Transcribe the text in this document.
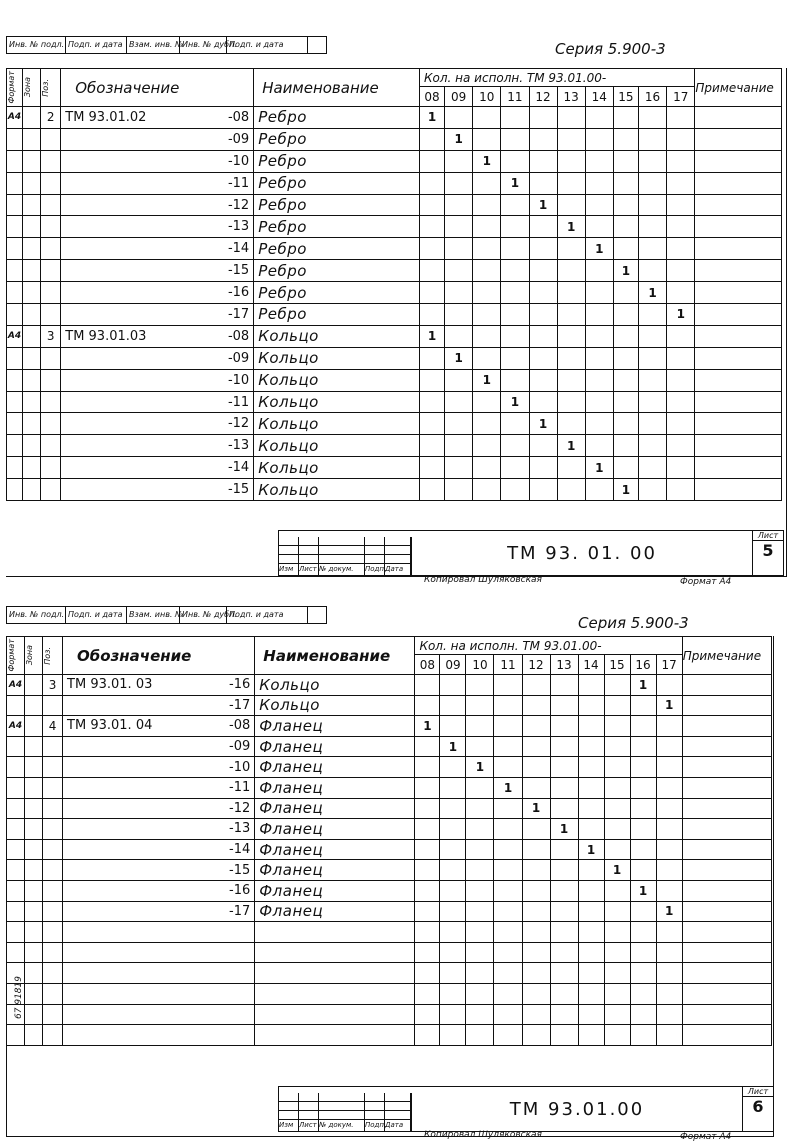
Инв. № подл. Подп. и дата Взам. инв. №
Инв. № дубл.
Подп. и дата	Серия 5.900-3
Формат	Зона	Поз.	Обозначение		Наименование	Кол. на исполн. ТМ 93.01.00-										Примечание
						08	09	10	11	12	13	14	15	16	17	
А4		2	ТМ 93.01.02	-08	Ребро	1										
				-09	Ребро		1									
				-10	Ребро			1								
				-11	Ребро				1							
				-12	Ребро					1						
				-13	Ребро						1					
				-14	Ребро							1				
				-15	Ребро								1			
				-16	Ребро									1		
				-17	Ребро										1	
А4		3	ТМ 93.01.03	-08	Кольцо	1										
				-09	Кольцо		1									
				-10	Кольцо			1								
				-11	Кольцо				1							
				-12	Кольцо					1						
				-13	Кольцо						1					
				-14	Кольцо							1				
				-15	Кольцо								1			
Изм Лист № докум.	Подп.
Дата
ТМ 93. 01. 00
Лист
5
Копировал Шуляковская	Формат А4
Инв. № подл. Подп. и дата Взам. инв. №
Инв. № дубл.
Подп. и дата	Серия 5.900-3
Формат	Зона	Поз.	Обозначение		Наименование	Кол. на исполн. ТМ 93.01.00-										Примечание
						08	09	10	11	12	13	14	15	16	17	
А4		3	ТМ 93.01. 03	-16	Кольцо									1		
				-17	Кольцо										1	
А4		4	ТМ 93.01. 04	-08	Фланец	1										
				-09	Фланец		1									
				-10	Фланец			1								
				-11	Фланец				1							
				-12	Фланец					1						
				-13	Фланец						1					
				-14	Фланец							1				
				-15	Фланец								1			
				-16	Фланец									1		
				-17	Фланец										1	

67 91819
Изм Лист № докум.	Подп.
Дата
ТМ 93.01.00
Лист
6
Копировал Шуляковская	Формат А4
